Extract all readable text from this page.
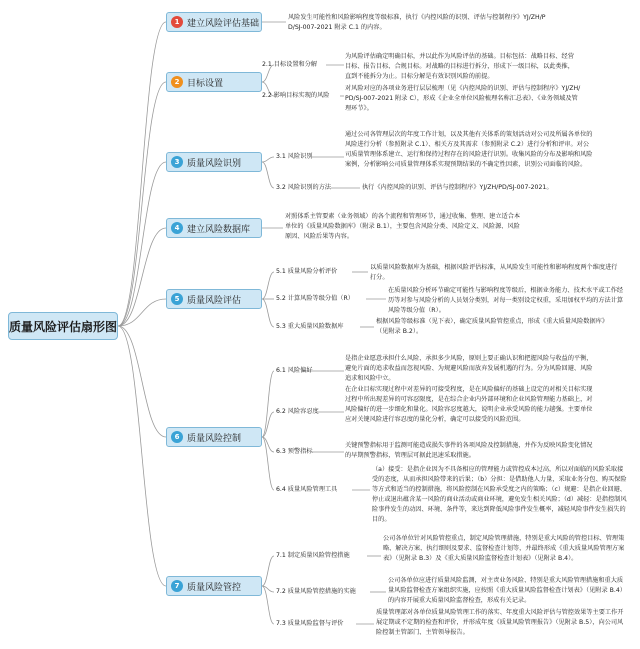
质量风险评估扇形图
1 建立风险评估基础
2 目标设置
3 质量风险识别
4 建立风险数据库
5 质量风险评估
6 质量风险控制
7 质量风险管控
风险发生可能性和风险影响程度等级标准，执行《内控风险的识别、评估与控制程序》YJ/ZH/PD/SJ-007-2021 附录 C.1 的内容。
对照体系主管要素（业务领域）的各个流程和管理环节，通过收集、整理、建立适合本单位的《质量风险数据库》（附录 B.1），主要包含风险分类、风险定义、风险源、风险原因、风险后果等内容。
2.1 目标设置和分解
为风险评估确定明确目标，并以此作为风险评估的基础。目标包括：战略目标、经营目标、报告目标、合规目标。对战略的目标进行拆分，形成下一级目标，以此类推，直到不能拆分为止。目标分解是有效识别风险的前提。
2.2 影响目标实现的风险
对风险对应的各项业务进行层层梳理（见《内控风险的识别、评估与控制程序》YJ/ZH/PD/SJ-007-2021 附录 C），形成《企业全单位风险梳理名称汇总表》、《业务领域及管理环节》。
3.1 风险识别
通过公司各管理层次的年度工作计划，以及其他有关体系的策划活动对公司及所属各单位的风险进行分析（参照附录 C.1）、相关方及其需求（参照附录 C.2）进行分析和评审。对公司质量管理体系建立、运行和保持过程存在的风险进行识别。收集风险的分布及影响和风险案例，分析影响公司质量管理体系实现预期结果的不确定性因素，识别公司面临的风险。
3.2 风险识别的方法	执行《内控风险的识别、评估与控制程序》YJ/ZH/PD/SJ-007-2021。
5.1 质量风险分析评价
以质量风险数据库为基础，根据风险评估标准，从风险发生可能性和影响程度两个维度进行打分。
5.2 计算风险等级分值（R）
在质量风险分析环节确定可能性与影响程度等级后，根据业务能力、技术水平或工作经历等对参与风险分析的人员划分类别，对每一类别设定权重，采用加权平均的方法计算风险等级分值（R）。
5.3 重大质量风险数据库
根据风险等级标准（见下表），确定质量风险管控重点，形成《重大质量风险数据库》（见附录 B.2）。
6.1 风险偏好
是指企业愿意承担什么风险、承担多少风险，原则上要正确认识和把握风险与收益的平衡，避免片面的追求收益而忽视风险、为规避风险而放弃发展机遇的行为。分为风险回避、风险追求和风险中立。
6.2 风险容忍度
在企业目标实现过程中对差异的可接受程度，是在风险偏好的基础上设定的对相关目标实现过程中所出现差异的可容忍限度，是在综合企业内外部环境和企业风险管理能力基础上，对风险偏好的进一步细化和量化。风险容忍度越大，说明企业承受风险的能力越强。主要单位应对关键风险进行容忍度的量化分析，确定可以接受的风险范围。
6.3 预警指标
关键预警指标用于监测可能造成损失事件的各项风险及控制措施，并作为反映风险变化情况的早期预警指标，管理层可据此迅速采取措施。
6.4 质量风险管理工具
（a）接受：是指企业因为不具备相应的管理能力或管控成本过高，所以对面临的风险采取接受的态度，从而承担风险带来的后果；（b）分担：是借助他人力量，采取业务分包、购买保险等方式和适当的控制措施，将风险控制在风险承受度之内的策略；（c）规避：是指企业回避、停止或退出蕴含某一风险的商业活动或商业环境，避免发生相关风险；（d）减轻：是指控制风险事件发生的动因、环境、条件等，来达到降低风险事件发生概率，减轻风险事件发生损失的目的。
7.1 制定质量风险管控措施
公司各单位针对风险管控重点，制定风险管理措施，特别是重大风险的管控目标、管理策略、解决方案、执行细则及要求、监督检查计划等，并最终形成《重大质量风险管理方案表》（见附录 B.3）及《重大质量风险监督检查计划表》（见附录 B.4）。
7.2 质量风险管控措施的实施
公司各单位应进行质量风险监测，对主责业务风险、特别是重大风险管理措施和重大质量风险监督检查方案组织实施，应按照《重大质量风险监督检查计划表》（见附录 B.4）的内容开展重大质量风险监督检查，形成有关记录。
7.3 质量风险监督与评价
质量管理部对各单位质量风险管理工作的落实、年度重大风险评估与管控效果等主要工作开展定期或不定期的检查和评价，并形成年度《质量风险管理报告》（见附录 B.5），向公司风险控制主管部门、主管领导报告。
